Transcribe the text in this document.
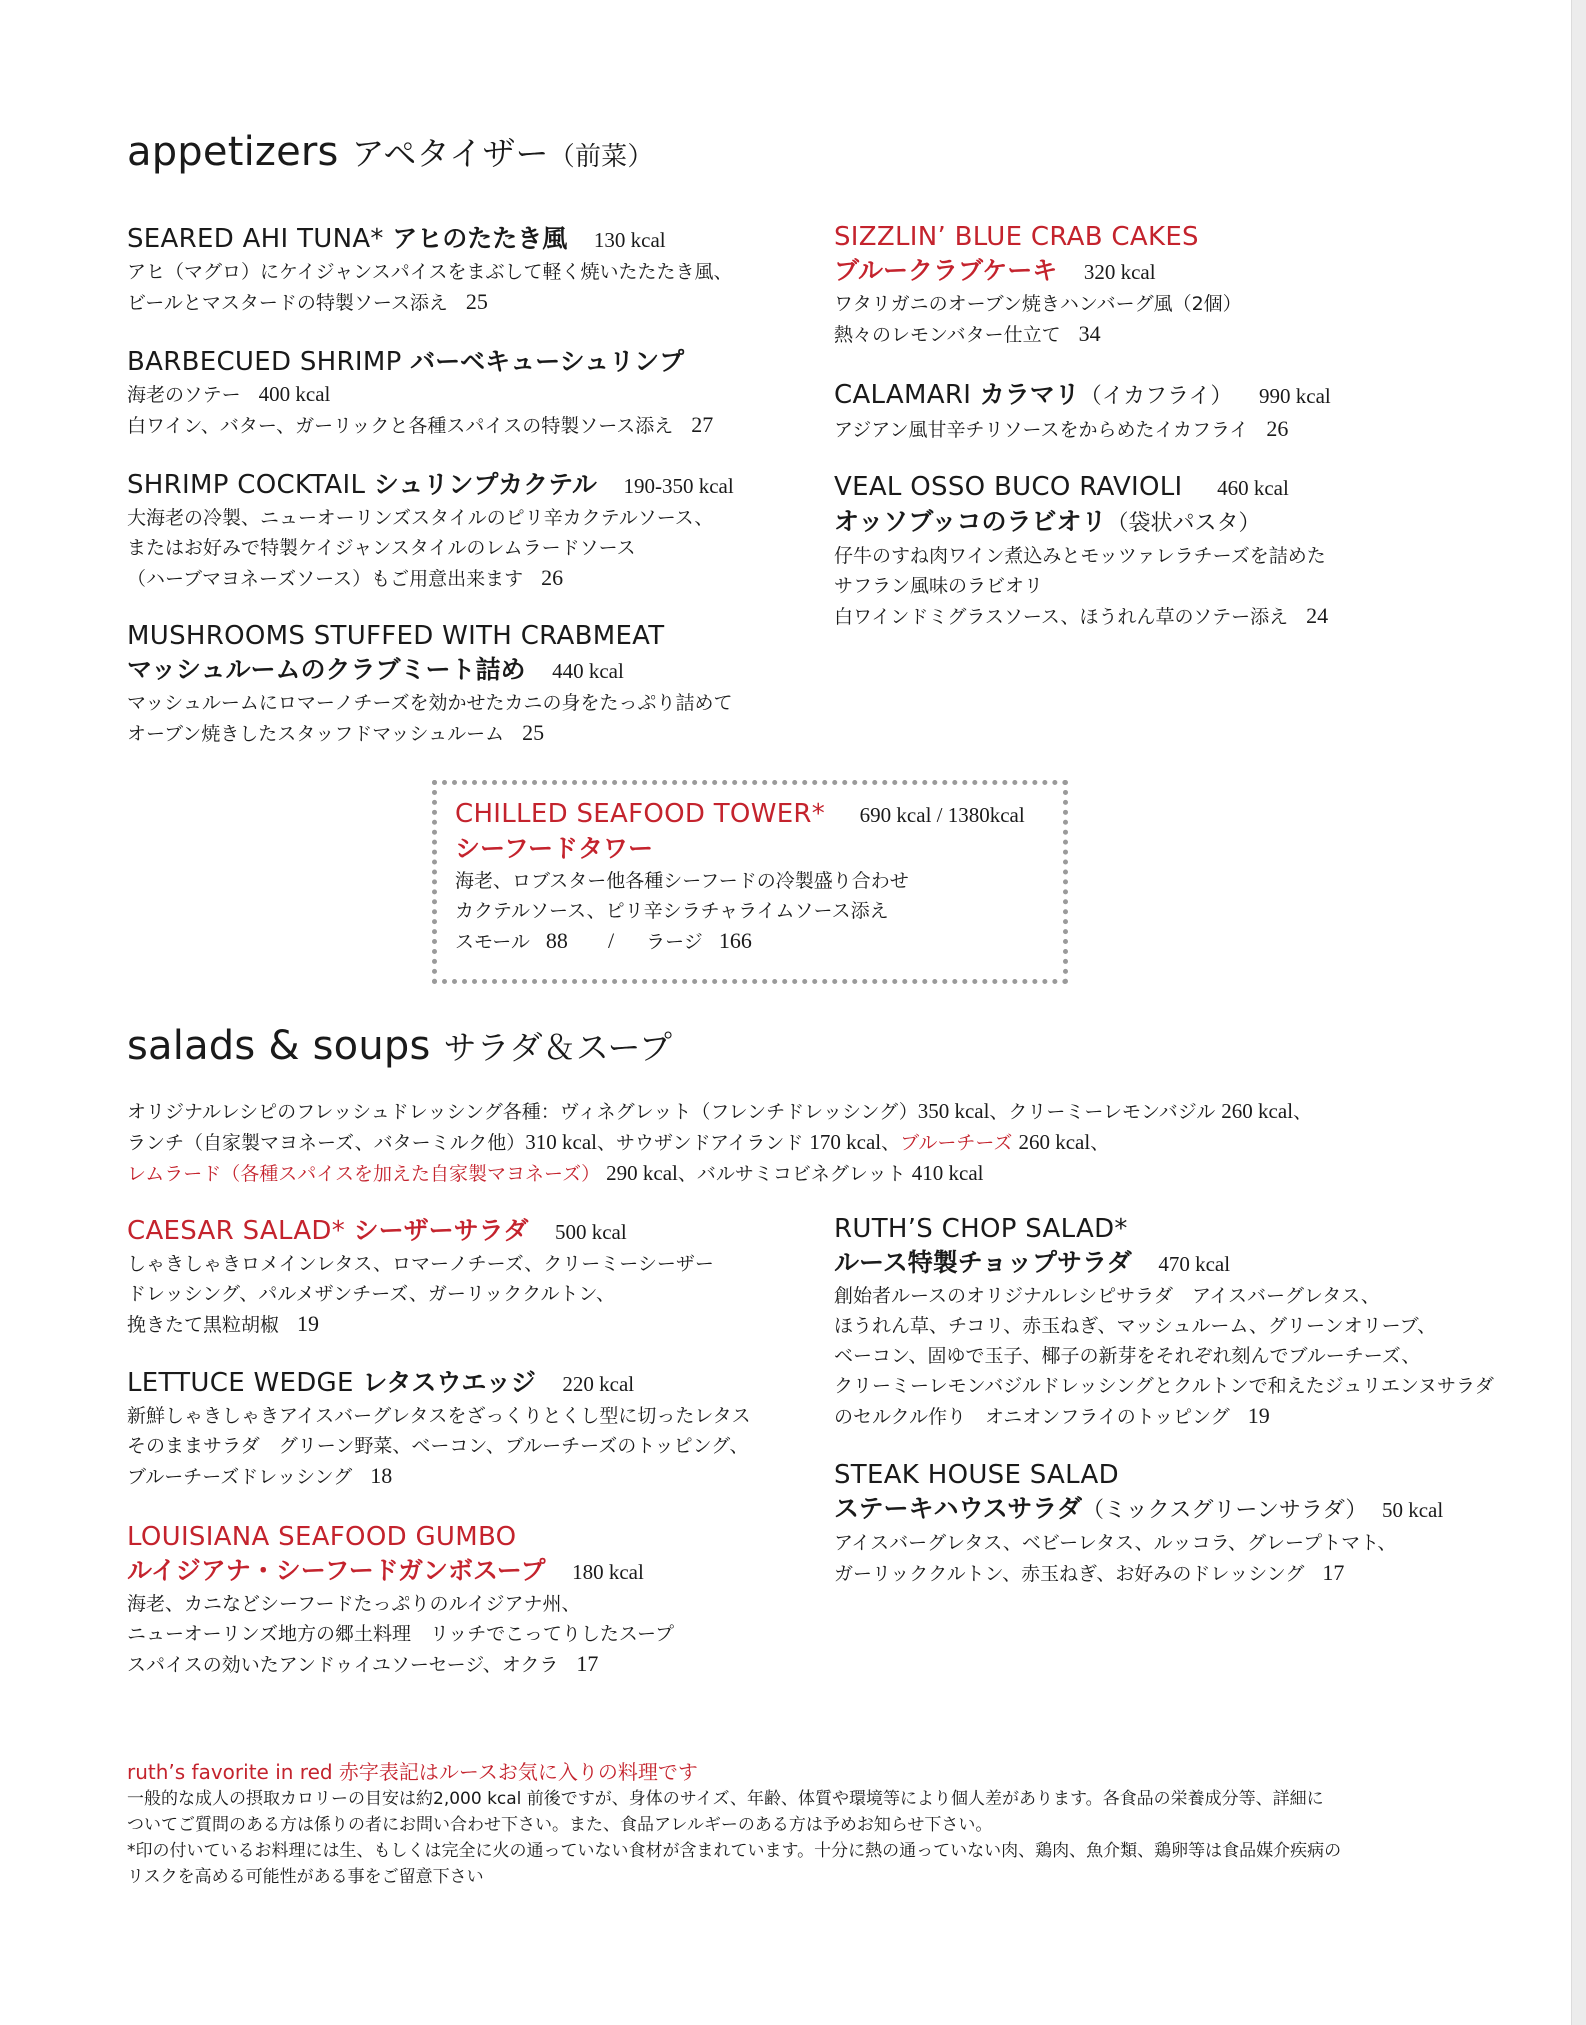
appetizers アペタイザー（前菜）
SEARED AHI TUNA* アヒのたたき風 130 kcal
アヒ（マグロ）にケイジャンスパイスをまぶして軽く焼いたたたき風、
ビールとマスタードの特製ソース添え 25
BARBECUED SHRIMP バーベキューシュリンプ
海老のソテー 400 kcal
白ワイン、バター、ガーリックと各種スパイスの特製ソース添え 27
SHRIMP COCKTAIL シュリンプカクテル 190-350 kcal
大海老の冷製、ニューオーリンズスタイルのピリ辛カクテルソース、
またはお好みで特製ケイジャンスタイルのレムラードソース
（ハーブマヨネーズソース）もご用意出来ます 26
MUSHROOMS STUFFED WITH CRABMEAT
マッシュルームのクラブミート詰め 440 kcal
マッシュルームにロマーノチーズを効かせたカニの身をたっぷり詰めて
オーブン焼きしたスタッフドマッシュルーム 25
SIZZLIN’ BLUE CRAB CAKES
ブルークラブケーキ 320 kcal
ワタリガニのオーブン焼きハンバーグ風（2個）
熱々のレモンバター仕立て 34
CALAMARI カラマリ（イカフライ） 990 kcal
アジアン風甘辛チリソースをからめたイカフライ 26
VEAL OSSO BUCO RAVIOLI 460 kcal
オッソブッコのラビオリ（袋状パスタ）
仔牛のすね肉ワイン煮込みとモッツァレラチーズを詰めた
サフラン風味のラビオリ
白ワインドミグラスソース、ほうれん草のソテー添え 24
CHILLED SEAFOOD TOWER* 690 kcal / 1380kcal
シーフードタワー
海老、ロブスター他各種シーフードの冷製盛り合わせ
カクテルソース、ピリ辛シラチャライムソース添え
スモール 88 / ラージ 166
salads & soups サラダ＆スープ
オリジナルレシピのフレッシュドレッシング各種：ヴィネグレット（フレンチドレッシング）350 kcal、クリーミーレモンバジル 260 kcal、
ランチ（自家製マヨネーズ、バターミルク他）310 kcal、サウザンドアイランド 170 kcal、ブルーチーズ 260 kcal、
レムラード（各種スパイスを加えた自家製マヨネーズ） 290 kcal、バルサミコビネグレット 410 kcal
CAESAR SALAD* シーザーサラダ 500 kcal
しゃきしゃきロメインレタス、ロマーノチーズ、クリーミーシーザー
ドレッシング、パルメザンチーズ、ガーリッククルトン、
挽きたて黒粒胡椒 19
LETTUCE WEDGE レタスウエッジ 220 kcal
新鮮しゃきしゃきアイスバーグレタスをざっくりとくし型に切ったレタス
そのままサラダ　グリーン野菜、ベーコン、ブルーチーズのトッピング、
ブルーチーズドレッシング 18
LOUISIANA SEAFOOD GUMBO
ルイジアナ・シーフードガンボスープ 180 kcal
海老、カニなどシーフードたっぷりのルイジアナ州、
ニューオーリンズ地方の郷土料理　リッチでこってりしたスープ
スパイスの効いたアンドゥイユソーセージ、オクラ 17
RUTH’S CHOP SALAD*
ルース特製チョップサラダ 470 kcal
創始者ルースのオリジナルレシピサラダ　アイスバーグレタス、
ほうれん草、チコリ、赤玉ねぎ、マッシュルーム、グリーンオリーブ、
ベーコン、固ゆで玉子、椰子の新芽をそれぞれ刻んでブルーチーズ、
クリーミーレモンバジルドレッシングとクルトンで和えたジュリエンヌサラダ
のセルクル作り　オニオンフライのトッピング 19
STEAK HOUSE SALAD
ステーキハウスサラダ（ミックスグリーンサラダ） 50 kcal
アイスバーグレタス、ベビーレタス、ルッコラ、グレープトマト、
ガーリッククルトン、赤玉ねぎ、お好みのドレッシング 17
ruth’s favorite in red 赤字表記はルースお気に入りの料理です
一般的な成人の摂取カロリーの目安は約2,000 kcal 前後ですが、身体のサイズ、年齢、体質や環境等により個人差があります。各食品の栄養成分等、詳細に
ついてご質問のある方は係りの者にお問い合わせ下さい。また、食品アレルギーのある方は予めお知らせ下さい。
*印の付いているお料理には生、もしくは完全に火の通っていない食材が含まれています。十分に熱の通っていない肉、鶏肉、魚介類、鶏卵等は食品媒介疾病の
リスクを高める可能性がある事をご留意下さい
